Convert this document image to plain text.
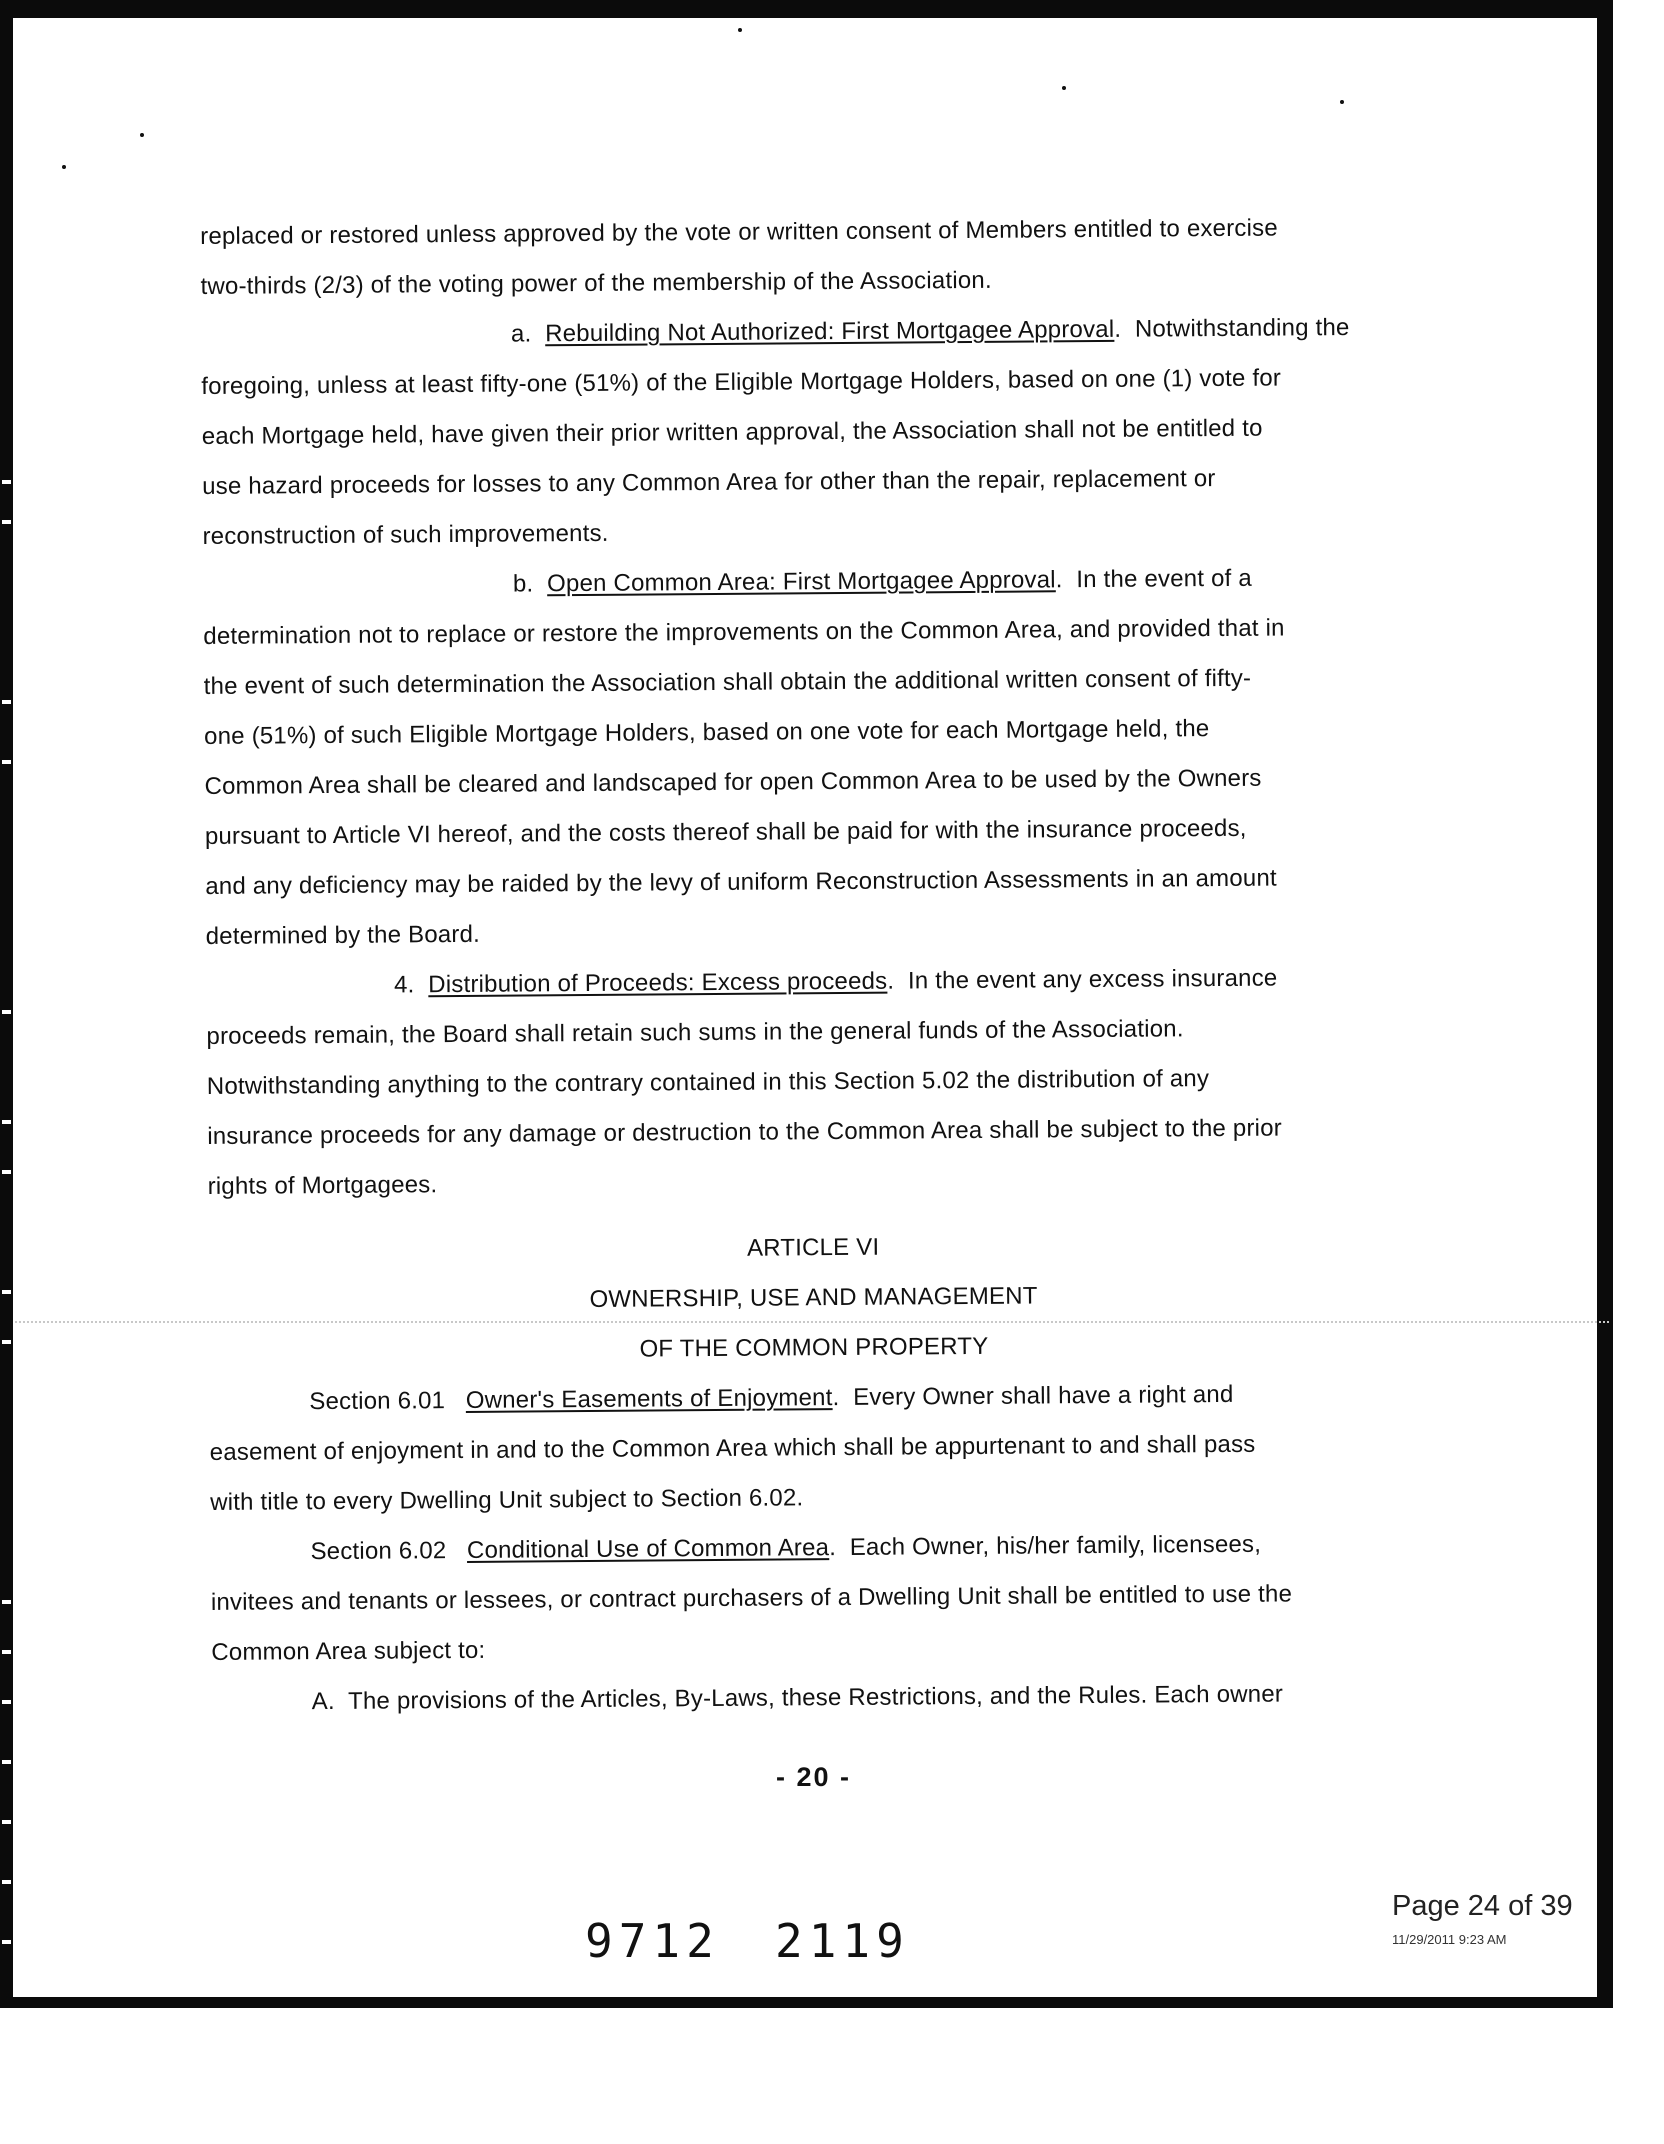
replaced or restored unless approved by the vote or written consent of Members entitled to exercise
two-thirds (2/3) of the voting power of the membership of the Association.
a. Rebuilding Not Authorized: First Mortgagee Approval.  Notwithstanding the
foregoing, unless at least fifty-one (51%) of the Eligible Mortgage Holders, based on one (1) vote for
each Mortgage held, have given their prior written approval, the Association shall not be entitled to
use hazard proceeds for losses to any Common Area for other than the repair, replacement or
reconstruction of such improvements.
b. Open Common Area: First Mortgagee Approval.  In the event of a
determination not to replace or restore the improvements on the Common Area, and provided that in
the event of such determination the Association shall obtain the additional written consent of fifty-
one (51%) of such Eligible Mortgage Holders, based on one vote for each Mortgage held, the
Common Area shall be cleared and landscaped for open Common Area to be used by the Owners
pursuant to Article VI hereof, and the costs thereof shall be paid for with the insurance proceeds,
and any deficiency may be raided by the levy of uniform Reconstruction Assessments in an amount
determined by the Board.
4. Distribution of Proceeds: Excess proceeds.  In the event any excess insurance
proceeds remain, the Board shall retain such sums in the general funds of the Association.
Notwithstanding anything to the contrary contained in this Section 5.02 the distribution of any
insurance proceeds for any damage or destruction to the Common Area shall be subject to the prior
rights of Mortgagees.
ARTICLE VI
OWNERSHIP, USE AND MANAGEMENT
OF THE COMMON PROPERTY
Section 6.01 Owner's Easements of Enjoyment.  Every Owner shall have a right and
easement of enjoyment in and to the Common Area which shall be appurtenant to and shall pass
with title to every Dwelling Unit subject to Section 6.02.
Section 6.02 Conditional Use of Common Area.  Each Owner, his/her family, licensees,
invitees and tenants or lessees, or contract purchasers of a Dwelling Unit shall be entitled to use the
Common Area subject to:
A. The provisions of the Articles, By-Laws, these Restrictions, and the Rules. Each owner
- 20 -
9712 2119
Page 24 of 39
11/29/2011 9:23 AM
